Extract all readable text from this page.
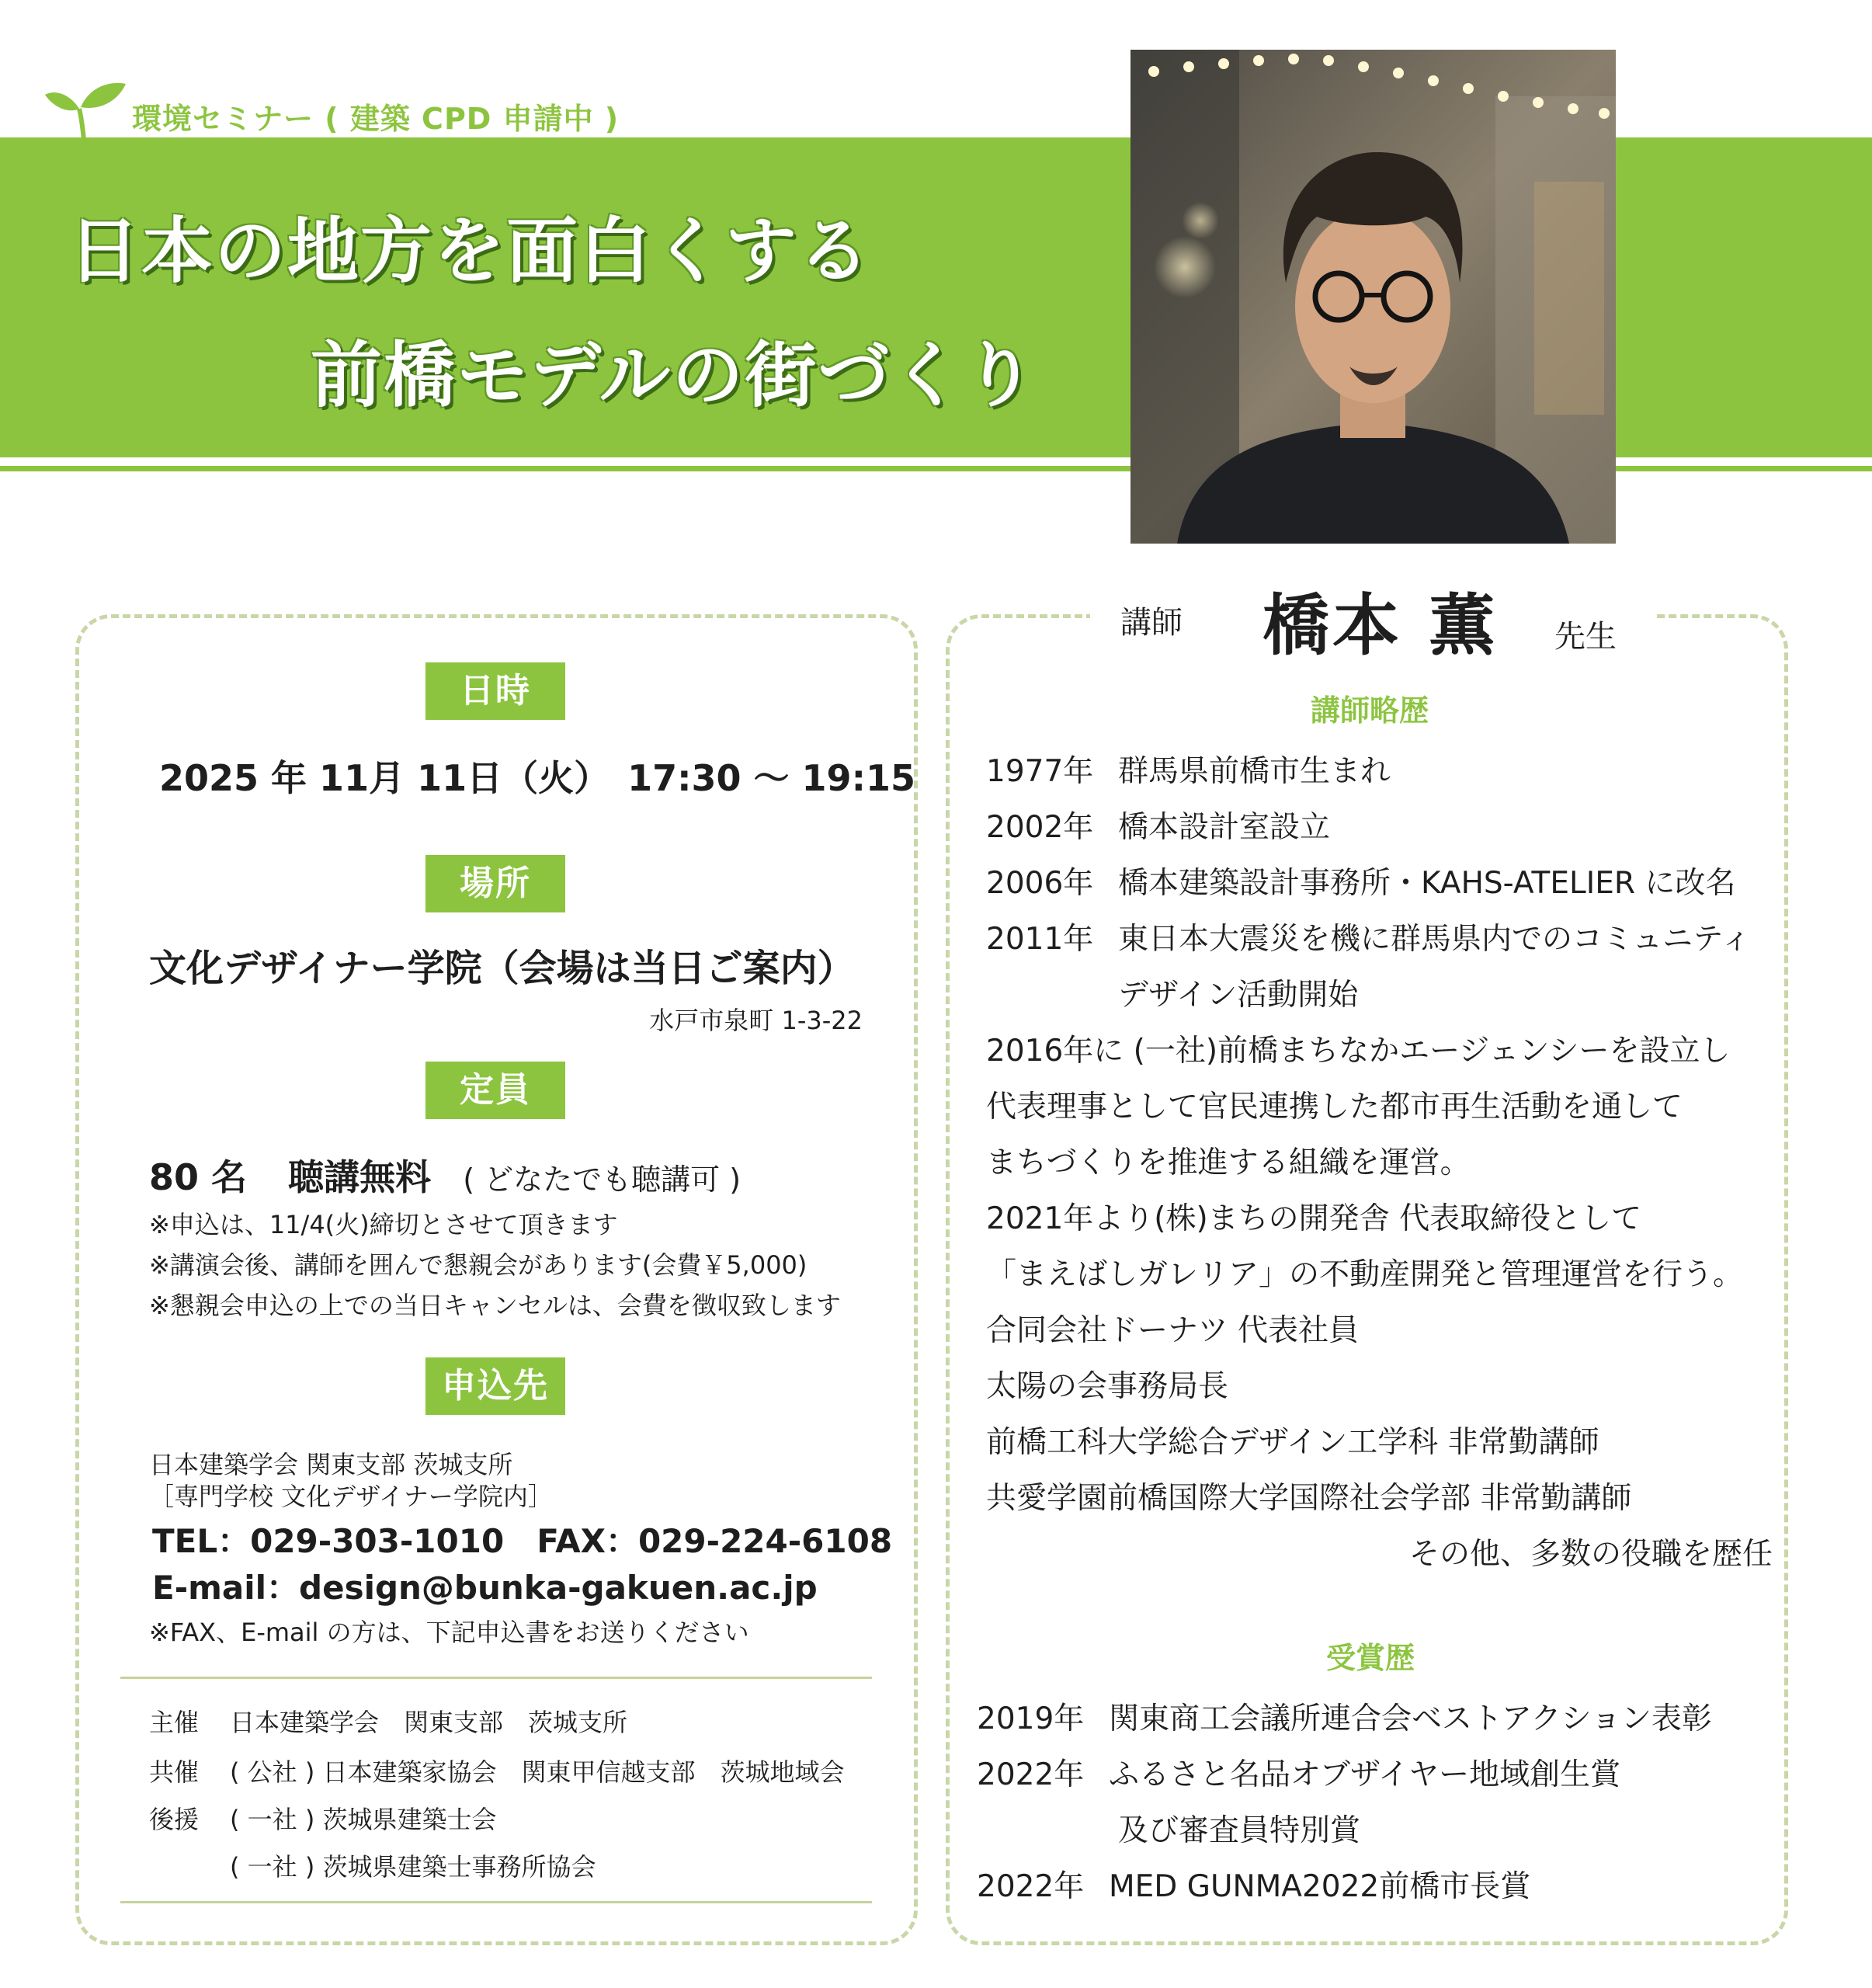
環境セミナー ( 建築 CPD 申請中 )
日本の地方を面白くする
前橋モデルの街づくり
日時
2025 年 11月 11日（火）　17:30 〜 19:15
場所
文化デザイナー学院（会場は当日ご案内）
水戸市泉町 1-3-22
定員
80 名 聴講無料 ( どなたでも聴講可 )
※申込は、11/4(火)締切とさせて頂きます
※講演会後、講師を囲んで懇親会があります(会費￥5,000)
※懇親会申込の上での当日キャンセルは、会費を徴収致します
申込先
日本建築学会 関東支部 茨城支所
［専門学校 文化デザイナー学院内］
TEL：029-303-1010　FAX：029-224-6108
E-mail：design@bunka-gakuen.ac.jp
※FAX、E-mail の方は、下記申込書をお送りください
主催 日本建築学会　関東支部　茨城支所
共催 ( 公社 ) 日本建築家協会　関東甲信越支部　茨城地域会
後援 ( 一社 ) 茨城県建築士会
( 一社 ) 茨城県建築士事務所協会
講師 橋本 薫 先生
講師略歴
1977年 群馬県前橋市生まれ
2002年 橋本設計室設立
2006年 橋本建築設計事務所・KAHS-ATELIER に改名
2011年 東日本大震災を機に群馬県内でのコミュニティ
デザイン活動開始
2016年に (一社)前橋まちなかエージェンシーを設立し
代表理事として官民連携した都市再生活動を通して
まちづくりを推進する組織を運営。
2021年より(株)まちの開発舎 代表取締役として
「まえばしガレリア」の不動産開発と管理運営を行う。
合同会社ドーナツ 代表社員
太陽の会事務局長
前橋工科大学総合デザイン工学科 非常勤講師
共愛学園前橋国際大学国際社会学部 非常勤講師
その他、多数の役職を歴任
受賞歴
2019年 関東商工会議所連合会ベストアクション表彰
2022年 ふるさと名品オブザイヤー地域創生賞
及び審査員特別賞
2022年 MED GUNMA2022前橋市長賞
